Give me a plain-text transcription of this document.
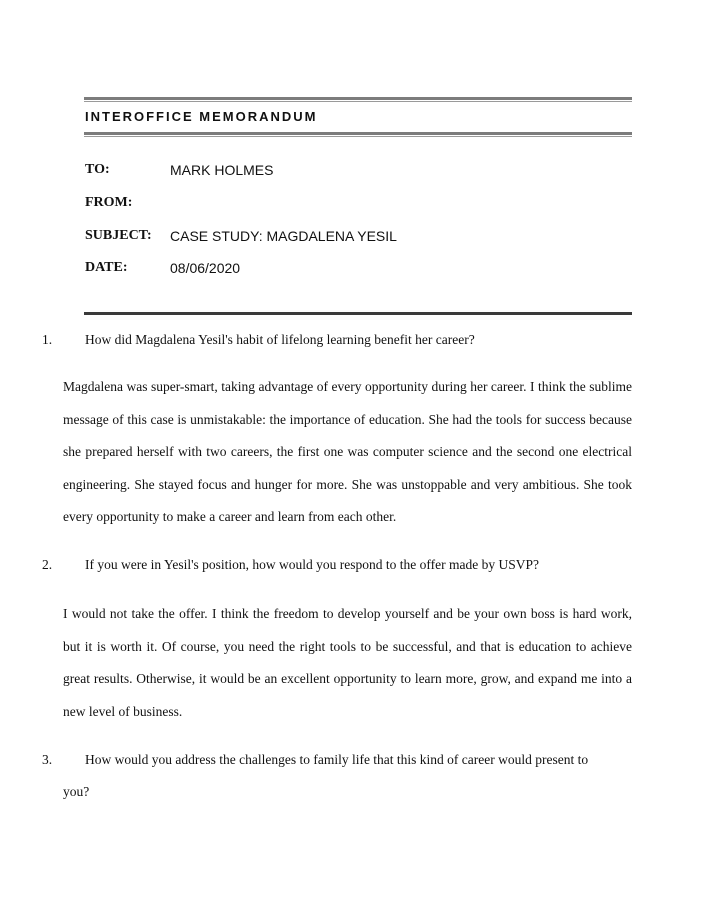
INTEROFFICE MEMORANDUM
TO:	MARK HOLMES
FROM:
SUBJECT: CASE STUDY: MAGDALENA YESIL
DATE:	08/06/2020
1. How did Magdalena Yesil's habit of lifelong learning benefit her career?

Magdalena was super-smart, taking advantage of every opportunity during her career. I think the sublime message of this case is unmistakable: the importance of education. She had the tools for success because she prepared herself with two careers, the first one was computer science and the second one electrical engineering. She stayed focus and hunger for more. She was unstoppable and very ambitious. She took every opportunity to make a career and learn from each other.

2. If you were in Yesil's position, how would you respond to the offer made by USVP?

I would not take the offer. I think the freedom to develop yourself and be your own boss is hard work, but it is worth it. Of course, you need the right tools to be successful, and that is education to achieve great results. Otherwise, it would be an excellent opportunity to learn more, grow, and expand me into a new level of business.

3. How would you address the challenges to family life that this kind of career would present to
you?
